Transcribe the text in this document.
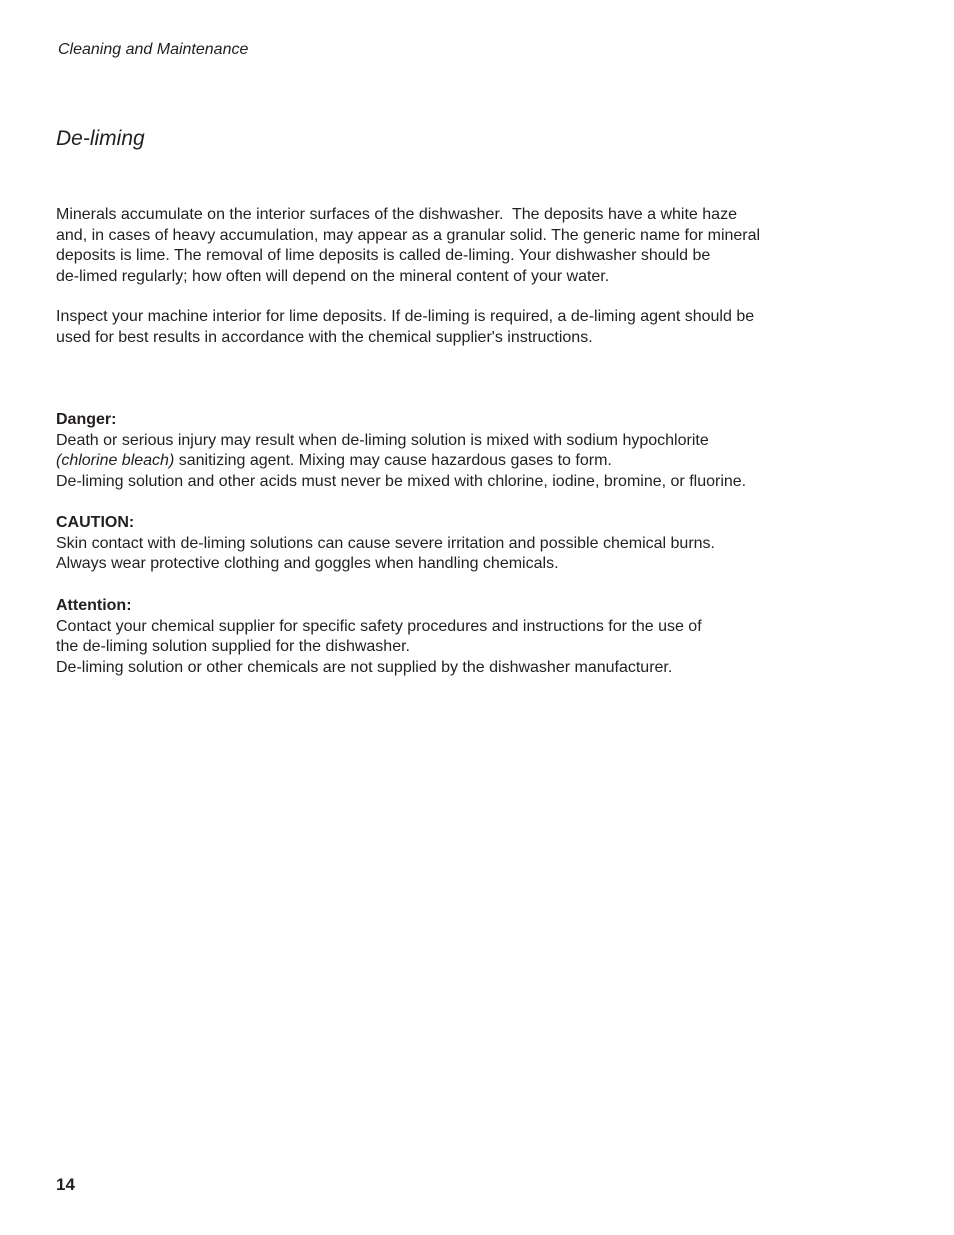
Cleaning and Maintenance

De-liming

Minerals accumulate on the interior surfaces of the dishwasher.  The deposits have a white haze
and, in cases of heavy accumulation, may appear as a granular solid. The generic name for mineral
deposits is lime. The removal of lime deposits is called de-liming. Your dishwasher should be
de-limed regularly; how often will depend on the mineral content of your water.

Inspect your machine interior for lime deposits. If de-liming is required, a de-liming agent should be
used for best results in accordance with the chemical supplier's instructions.

Danger:
Death or serious injury may result when de-liming solution is mixed with sodium hypochlorite
(chlorine bleach) sanitizing agent. Mixing may cause hazardous gases to form.
De-liming solution and other acids must never be mixed with chlorine, iodine, bromine, or fluorine.
CAUTION:
Skin contact with de-liming solutions can cause severe irritation and possible chemical burns.
Always wear protective clothing and goggles when handling chemicals.
Attention:
Contact your chemical supplier for specific safety procedures and instructions for the use of
the de-liming solution supplied for the dishwasher.
De-liming solution or other chemicals are not supplied by the dishwasher manufacturer.

14
